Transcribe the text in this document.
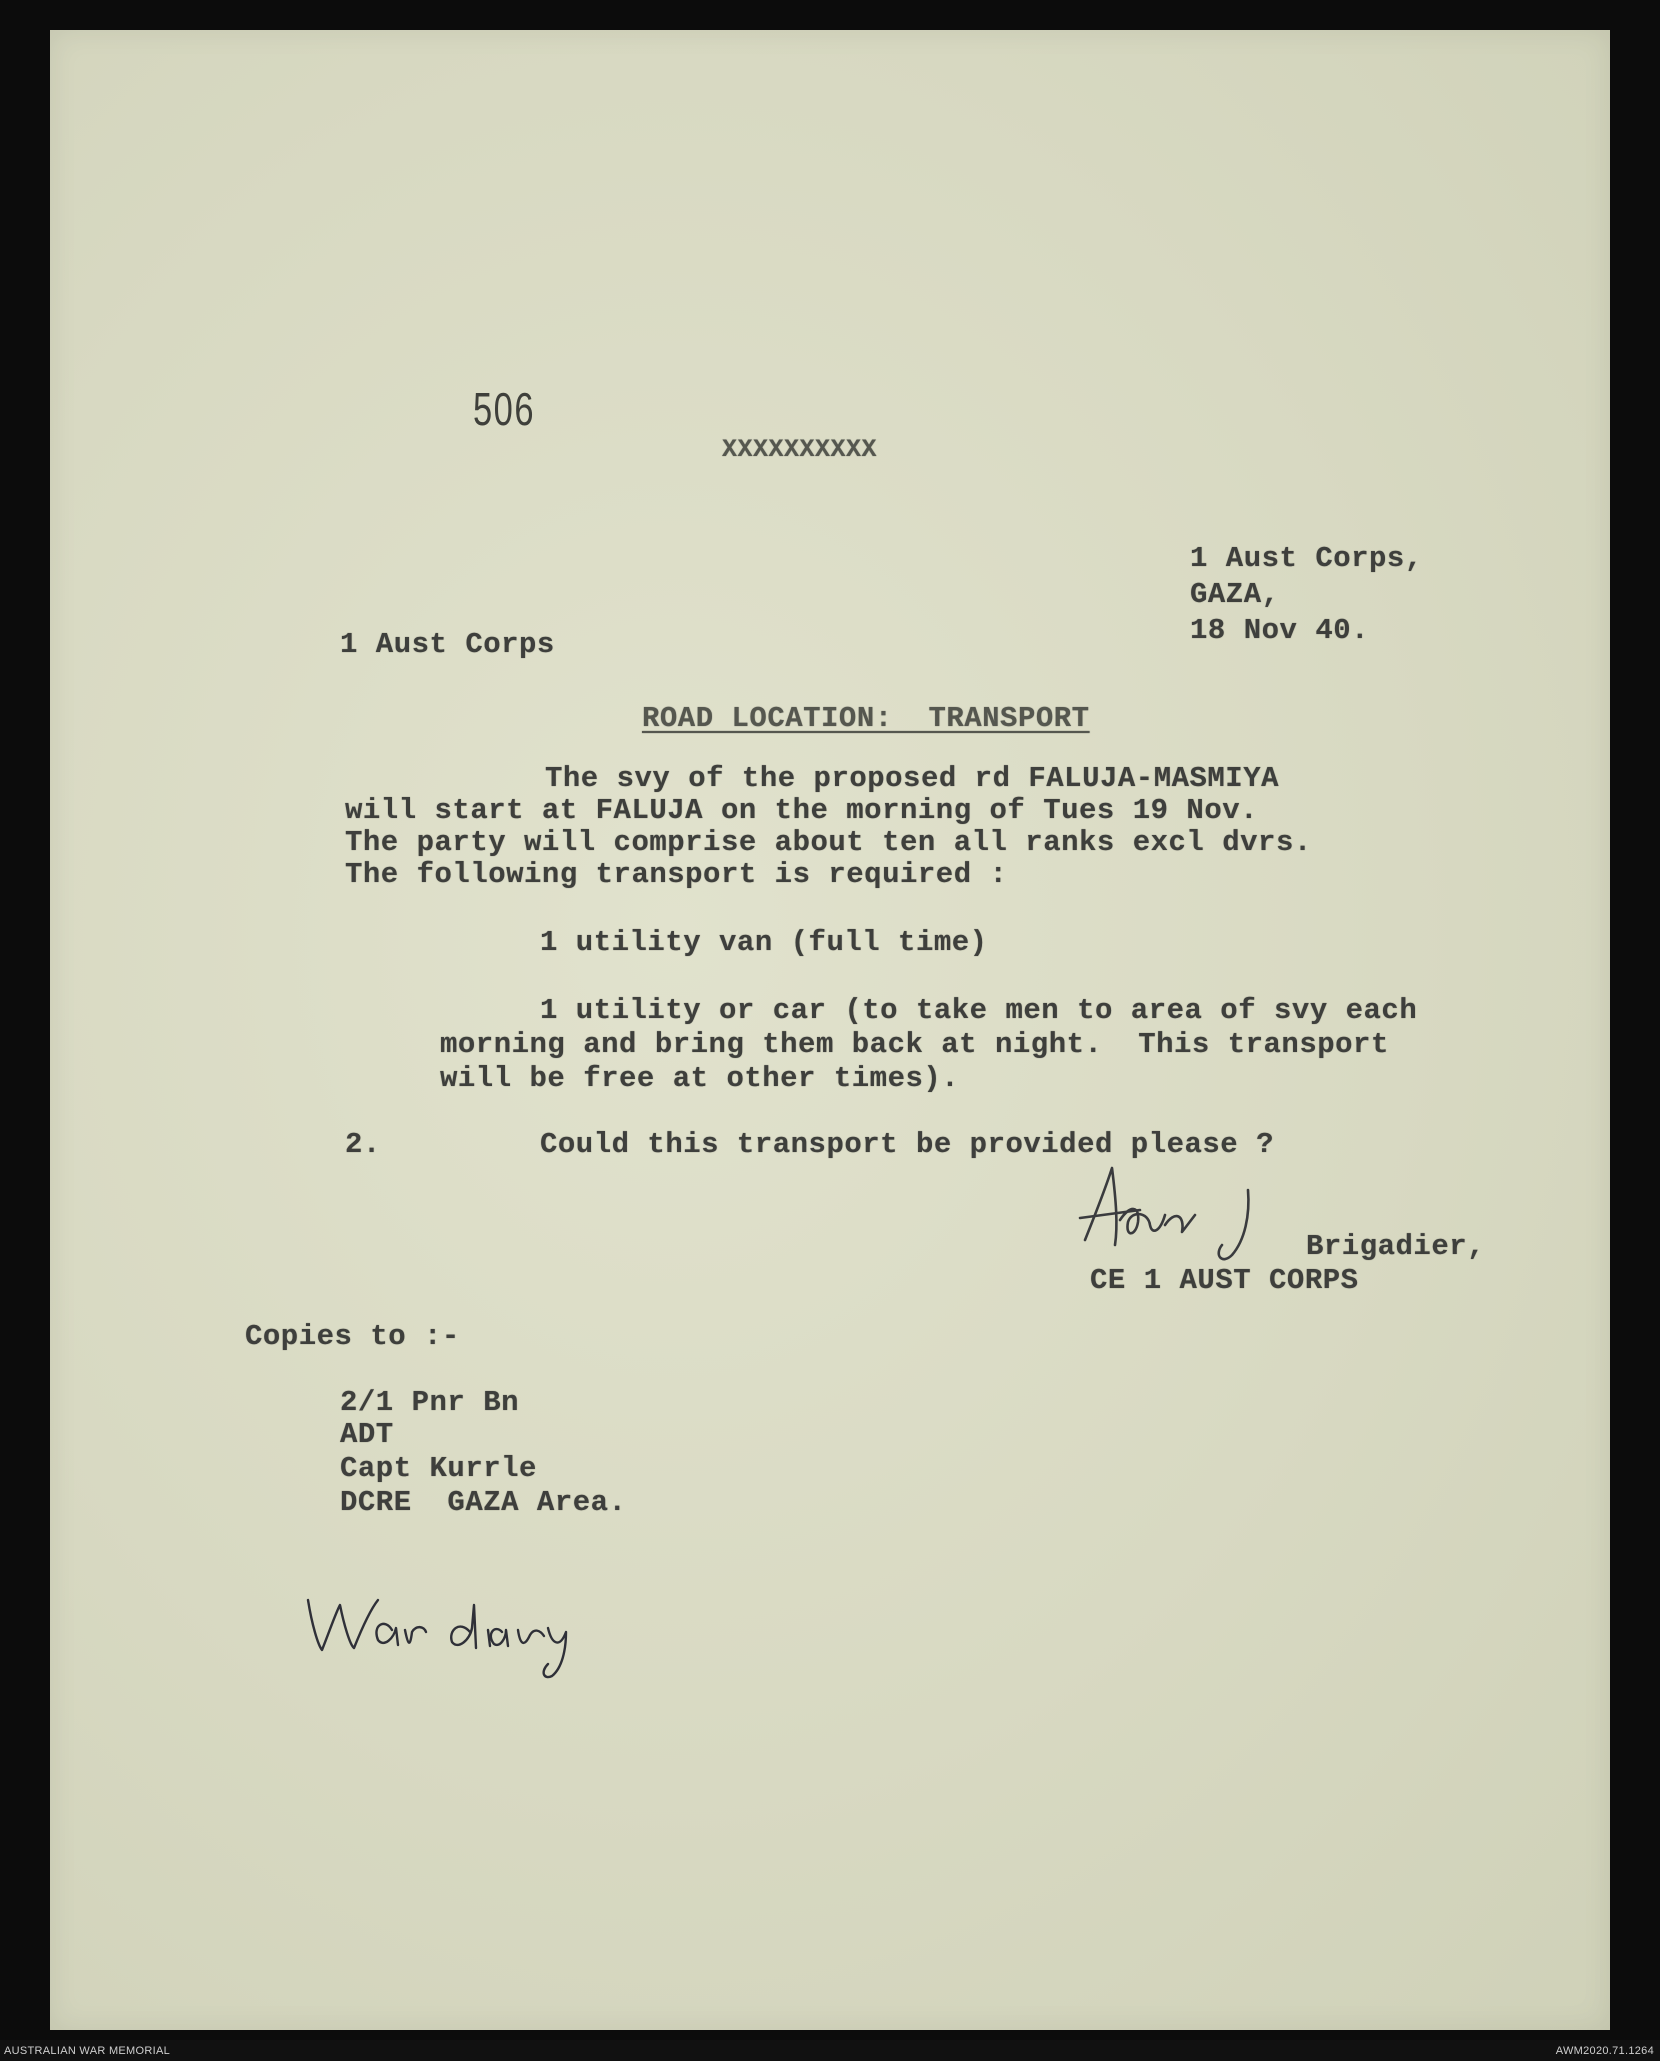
506
XXXXXXXXXX
1 Aust Corps,
GAZA,
18 Nov 40.
1 Aust Corps
ROAD LOCATION:  TRANSPORT
The svy of the proposed rd FALUJA-MASMIYA
will start at FALUJA on the morning of Tues 19 Nov.
The party will comprise about ten all ranks excl dvrs.
The following transport is required :
1 utility van (full time)
1 utility or car (to take men to area of svy each
morning and bring them back at night.  This transport
will be free at other times).
2.	Could this transport be provided please ?
Brigadier,
CE 1 AUST CORPS
Copies to :-
2/1 Pnr Bn
ADT
Capt Kurrle
DCRE  GAZA Area.
AUSTRALIAN WAR MEMORIAL	AWM2020.71.1264
